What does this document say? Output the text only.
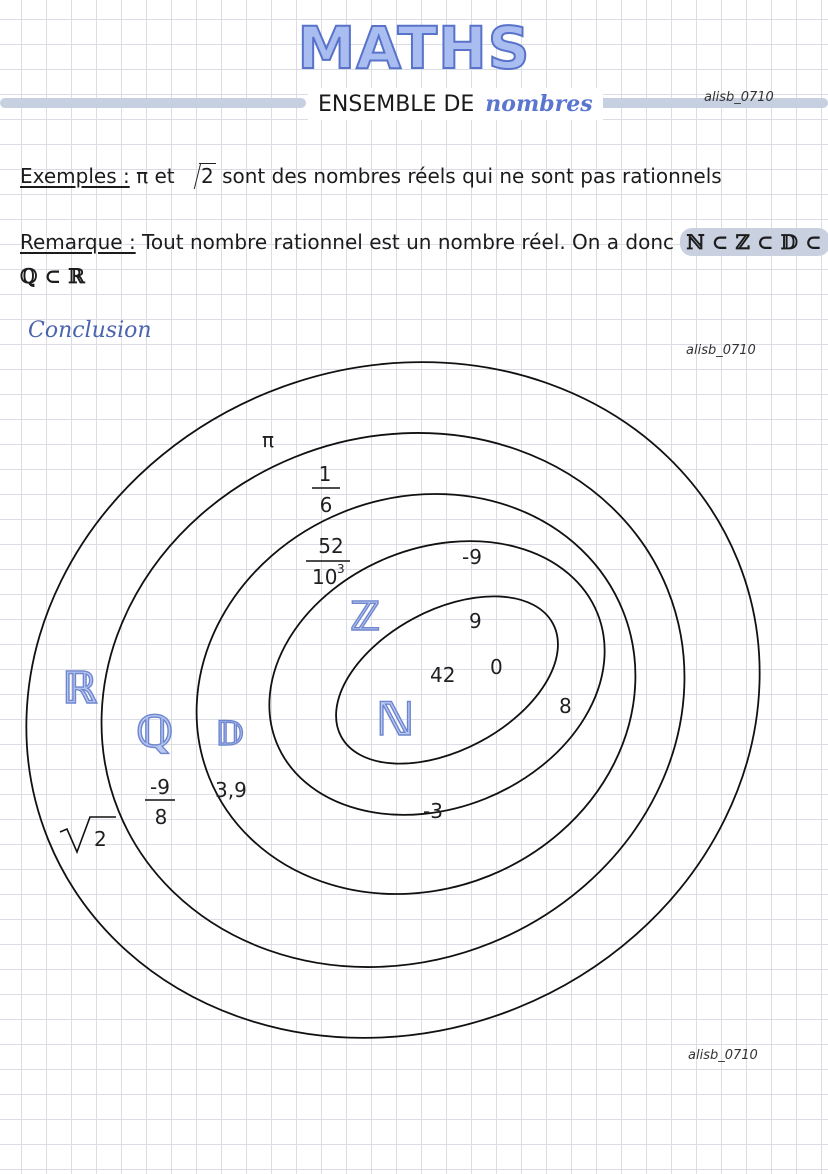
MATHS
ENSEMBLE DE nombres	alisb_0710
Exemples : π et 2 sont des nombres réels qui ne sont pas rationnels
Remarque : Tout nombre rationnel est un nombre réel. On a donc ℕ ⊂ ℤ ⊂ 𝔻 ⊂
ℚ ⊂ ℝ
Conclusion
alisb_0710
ℝ
ℚ 𝔻
ℤ
ℕ
π
1
6
52
10 3
-9
8
3,9
-9
9
42 0
8
-3
2
alisb_0710
